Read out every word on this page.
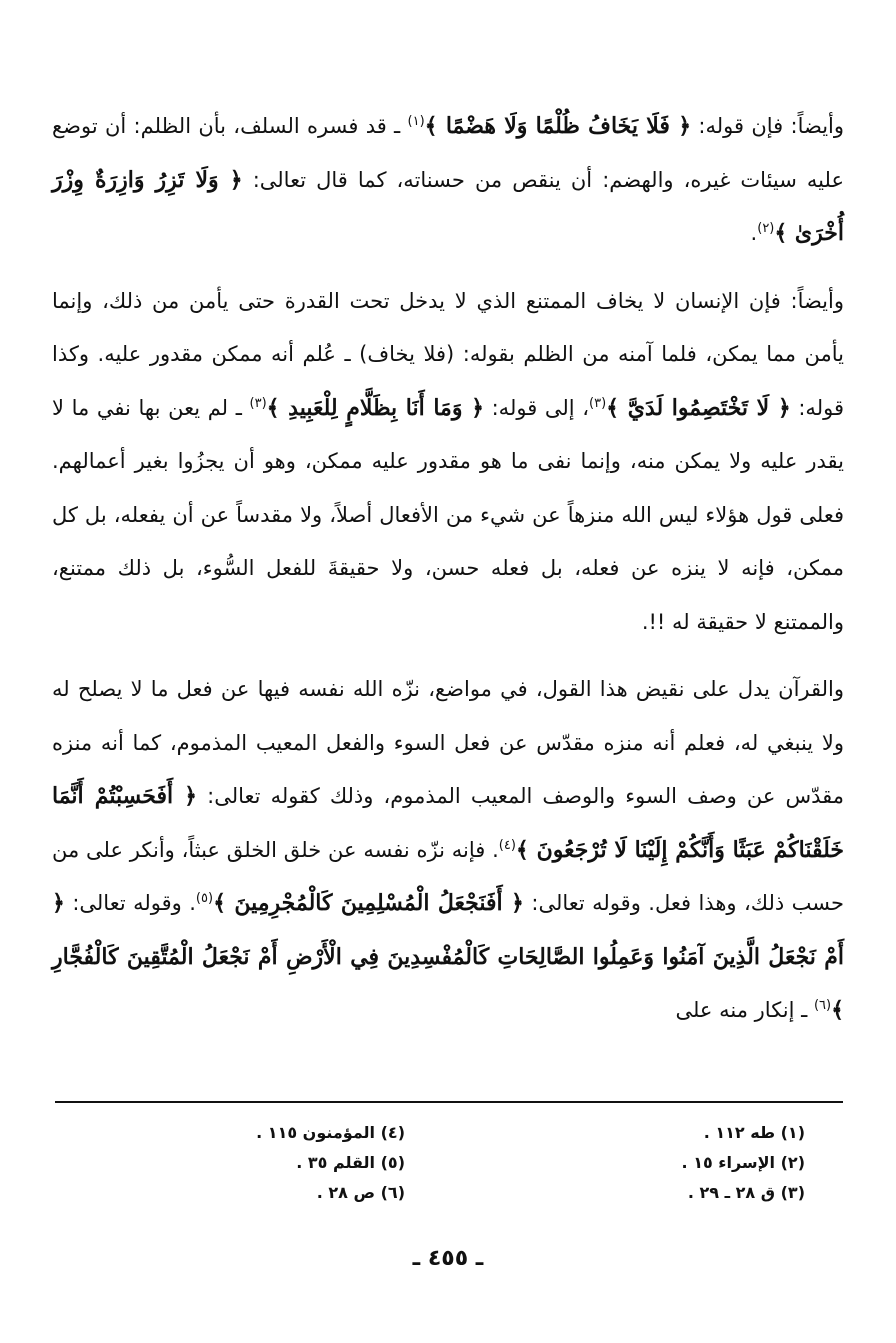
وأيضاً: فإن قوله: ﴿ فَلَا يَخَافُ ظُلْمًا وَلَا هَضْمًا ﴾$^{(١)}$ ـ قد فسره السلف، بأن الظلم: أن توضع عليه سيئات غيره، والهضم: أن ينقص من حسناته، كما قال تعالى: ﴿ وَلَا تَزِرُ وَازِرَةٌ وِزْرَ أُخْرَىٰ ﴾$^{(٢)}$.

وأيضاً: فإن الإنسان لا يخاف الممتنع الذي لا يدخل تحت القدرة حتى يأمن من ذلك، وإنما يأمن مما يمكن، فلما آمنه من الظلم بقوله: (فلا يخاف) ـ عُلم أنه ممكن مقدور عليه. وكذا قوله: ﴿ لَا تَخْتَصِمُوا لَدَيَّ ﴾$^{(٣)}$، إلى قوله: ﴿ وَمَا أَنَا بِظَلَّامٍ لِلْعَبِيدِ ﴾$^{(٣)}$ ـ لم يعن بها نفي ما لا يقدر عليه ولا يمكن منه، وإنما نفى ما هو مقدور عليه ممكن، وهو أن يجزُوا بغير أعمالهم. فعلى قول هؤلاء ليس الله منزهاً عن شيء من الأفعال أصلاً، ولا مقدساً عن أن يفعله، بل كل ممكن، فإنه لا ينزه عن فعله، بل فعله حسن، ولا حقيقةَ للفعل السُّوء، بل ذلك ممتنع، والممتنع لا حقيقة له !!.

والقرآن يدل على نقيض هذا القول، في مواضع، نزّه الله نفسه فيها عن فعل ما لا يصلح له ولا ينبغي له، فعلم أنه منزه مقدّس عن فعل السوء والفعل المعيب المذموم، كما أنه منزه مقدّس عن وصف السوء والوصف المعيب المذموم، وذلك كقوله تعالى: ﴿ أَفَحَسِبْتُمْ أَنَّمَا خَلَقْنَاكُمْ عَبَثًا وَأَنَّكُمْ إِلَيْنَا لَا تُرْجَعُونَ ﴾$^{(٤)}$. فإنه نزّه نفسه عن خلق الخلق عبثاً، وأنكر على من حسب ذلك، وهذا فعل. وقوله تعالى: ﴿ أَفَنَجْعَلُ الْمُسْلِمِينَ كَالْمُجْرِمِينَ ﴾$^{(٥)}$. وقوله تعالى: ﴿ أَمْ نَجْعَلُ الَّذِينَ آمَنُوا وَعَمِلُوا الصَّالِحَاتِ كَالْمُفْسِدِينَ فِي الْأَرْضِ أَمْ نَجْعَلُ الْمُتَّقِينَ كَالْفُجَّارِ ﴾$^{(٦)}$ ـ إنكار منه على

(١) طه ١١٢ .
(٢) الإسراء ١٥ .
(٣) ق ٢٨ ـ ٢٩ .
(٤) المؤمنون ١١٥ .
(٥) القلم ٣٥ .
(٦) ص ٢٨ .
ـ ٤٥٥ ـ
